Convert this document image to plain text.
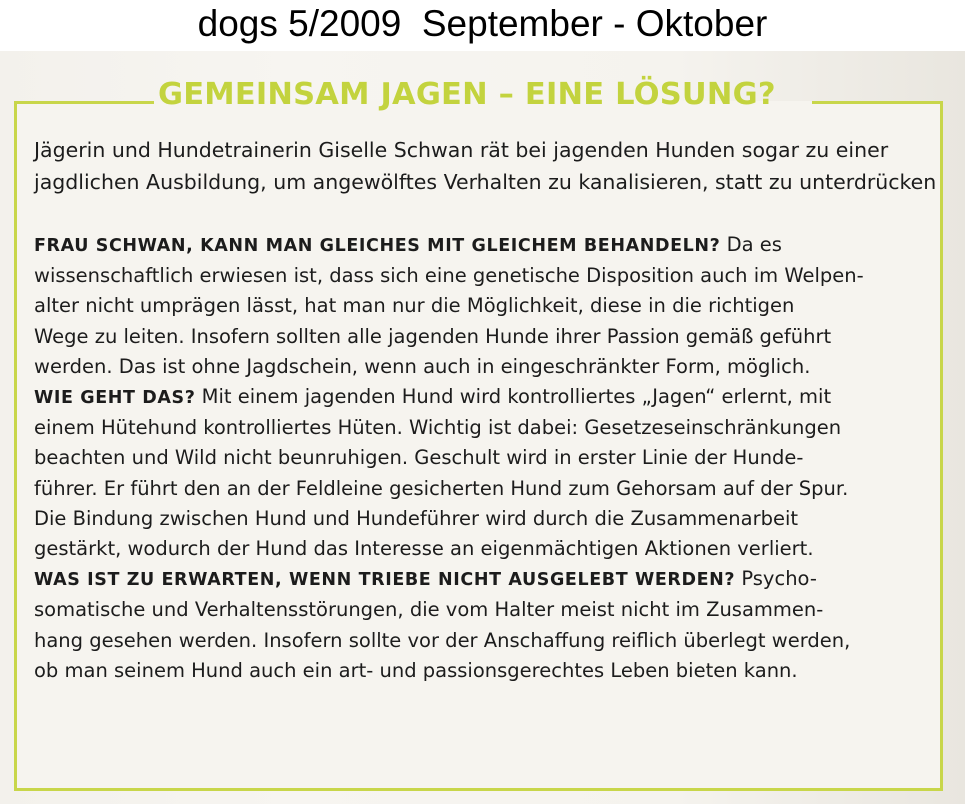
dogs 5/2009  September - Oktober
GEMEINSAM JAGEN – EINE LÖSUNG?
Jägerin und Hundetrainerin Giselle Schwan rät bei jagenden Hunden sogar zu einer
jagdlichen Ausbildung, um angewölftes Verhalten zu kanalisieren, statt zu unterdrücken
FRAU SCHWAN, KANN MAN GLEICHES MIT GLEICHEM BEHANDELN? Da es
wissenschaftlich erwiesen ist, dass sich eine genetische Disposition auch im Welpen-
alter nicht umprägen lässt, hat man nur die Möglichkeit, diese in die richtigen
Wege zu leiten. Insofern sollten alle jagenden Hunde ihrer Passion gemäß geführt
werden. Das ist ohne Jagdschein, wenn auch in eingeschränkter Form, möglich.
WIE GEHT DAS? Mit einem jagenden Hund wird kontrolliertes „Jagen“ erlernt, mit
einem Hütehund kontrolliertes Hüten. Wichtig ist dabei: Gesetzeseinschränkungen
beachten und Wild nicht beunruhigen. Geschult wird in erster Linie der Hunde-
führer. Er führt den an der Feldleine gesicherten Hund zum Gehorsam auf der Spur.
Die Bindung zwischen Hund und Hundeführer wird durch die Zusammenarbeit
gestärkt, wodurch der Hund das Interesse an eigenmächtigen Aktionen verliert.
WAS IST ZU ERWARTEN, WENN TRIEBE NICHT AUSGELEBT WERDEN? Psycho-
somatische und Verhaltensstörungen, die vom Halter meist nicht im Zusammen-
hang gesehen werden. Insofern sollte vor der Anschaffung reiflich überlegt werden,
ob man seinem Hund auch ein art- und passionsgerechtes Leben bieten kann.
